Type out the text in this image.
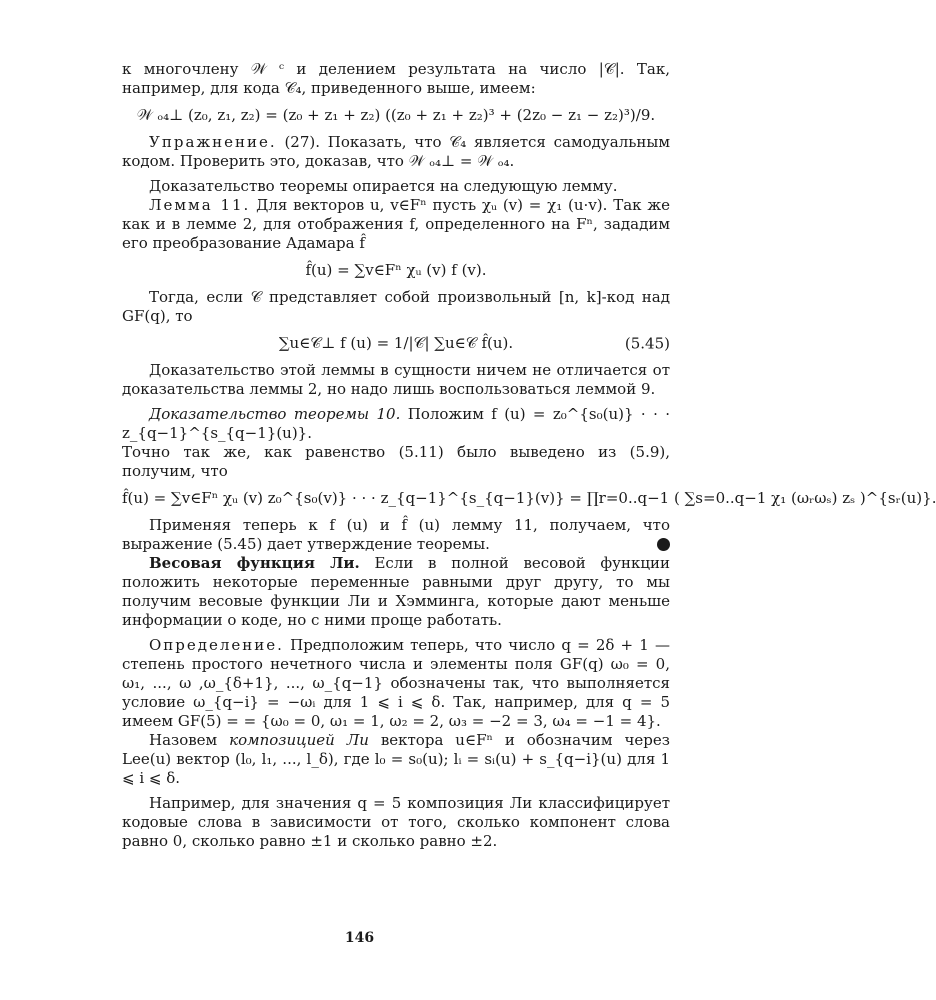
к многочлену 𝒲 ᶜ и делением результата на число |𝒞|. Так, например, для кода 𝒞₄, приведенного выше, имеем:

𝒲 ₒ₄⊥ (z₀, z₁, z₂) = (z₀ + z₁ + z₂) ((z₀ + z₁ + z₂)³ + (2z₀ − z₁ − z₂)³)/9.

Упражнение. (27). Показать, что 𝒞₄ является самодуальным кодом. Проверить это, доказав, что 𝒲 ₒ₄⊥ = 𝒲 ₒ₄.

Доказательство теоремы опирается на следующую лемму.

Лемма 11. Для векторов u, v∈Fⁿ пусть χᵤ (v) = χ₁ (u·v). Так же как и в лемме 2, для отображения f, определенного на Fⁿ, зададим его преобразование Адамара f̂

f̂(u) = ∑v∈Fⁿ χᵤ (v) f (v).

Тогда, если 𝒞 представляет собой произвольный [n, k]-код над GF(q), то

∑u∈𝒞⊥ f (u) = 1/|𝒞| ∑u∈𝒞 f̂(u).	(5.45)

Доказательство этой леммы в сущности ничем не отличается от доказательства леммы 2, но надо лишь воспользоваться леммой 9.

Доказательство теоремы 10. Положим f (u) = z₀^{s₀(u)} · · · z_{q−1}^{s_{q−1}(u)}.

Точно так же, как равенство (5.11) было выведено из (5.9), получим, что

f̂(u) = ∑v∈Fⁿ χᵤ (v) z₀^{s₀(v)} · · · z_{q−1}^{s_{q−1}(v)} = ∏r=0..q−1 ( ∑s=0..q−1 χ₁ (ωᵣωₛ) zₛ )^{sᵣ(u)}.

Применяя теперь к f (u) и f̂ (u) лемму 11, получаем, что выражение (5.45) дает утверждение теоремы.

Весовая функция Ли. Если в полной весовой функции положить некоторые переменные равными друг другу, то мы получим весовые функции Ли и Хэмминга, которые дают меньше информации о коде, но с ними проще работать.

Определение. Предположим теперь, что число q = 2δ + 1 — степень простого нечетного числа и элементы поля GF(q) ω₀ = 0, ω₁, ..., ω ,ω_{δ+1}, ..., ω_{q−1} обозначены так, что выполняется условие ω_{q−i} = −ωᵢ для 1 ⩽ i ⩽ δ. Так, например, для q = 5 имеем GF(5) = = {ω₀ = 0, ω₁ = 1, ω₂ = 2, ω₃ = −2 = 3, ω₄ = −1 = 4}.

Назовем композицией Ли вектора u∈Fⁿ и обозначим через Lee(u) вектор (l₀, l₁, ..., l_δ), где l₀ = s₀(u); lᵢ = sᵢ(u) + s_{q−i}(u) для 1 ⩽ i ⩽ δ.

Например, для значения q = 5 композиция Ли классифицирует кодовые слова в зависимости от того, сколько компонент слова равно 0, сколько равно ±1 и сколько равно ±2.

146
